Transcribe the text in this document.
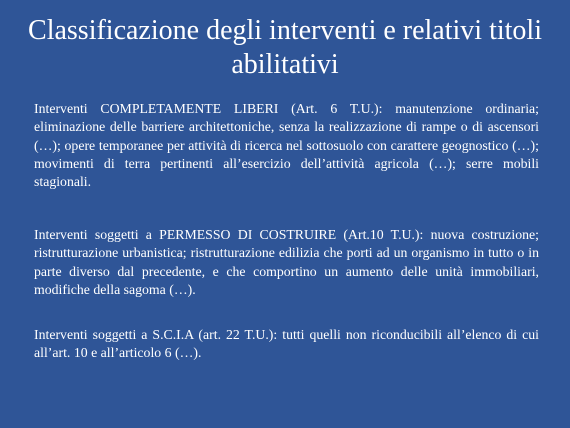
Classificazione degli interventi e relativi titoli abilitativi

Interventi COMPLETAMENTE LIBERI (Art. 6 T.U.): manutenzione ordinaria; eliminazione delle barriere architettoniche, senza la realizzazione di rampe o di ascensori (…); opere temporanee per attività di ricerca nel sottosuolo con carattere geognostico (…); movimenti di terra pertinenti all’esercizio dell’attività agricola (…); serre mobili stagionali.

Interventi soggetti a PERMESSO DI COSTRUIRE (Art.10 T.U.): nuova costruzione; ristrutturazione urbanistica; ristrutturazione edilizia che porti ad un organismo in tutto o in parte diverso dal precedente, e che comportino un aumento delle unità immobiliari, modifiche della sagoma (…).

Interventi soggetti a S.C.I.A (art. 22 T.U.): tutti quelli non riconducibili all’elenco di cui all’art. 10 e all’articolo 6 (…).
